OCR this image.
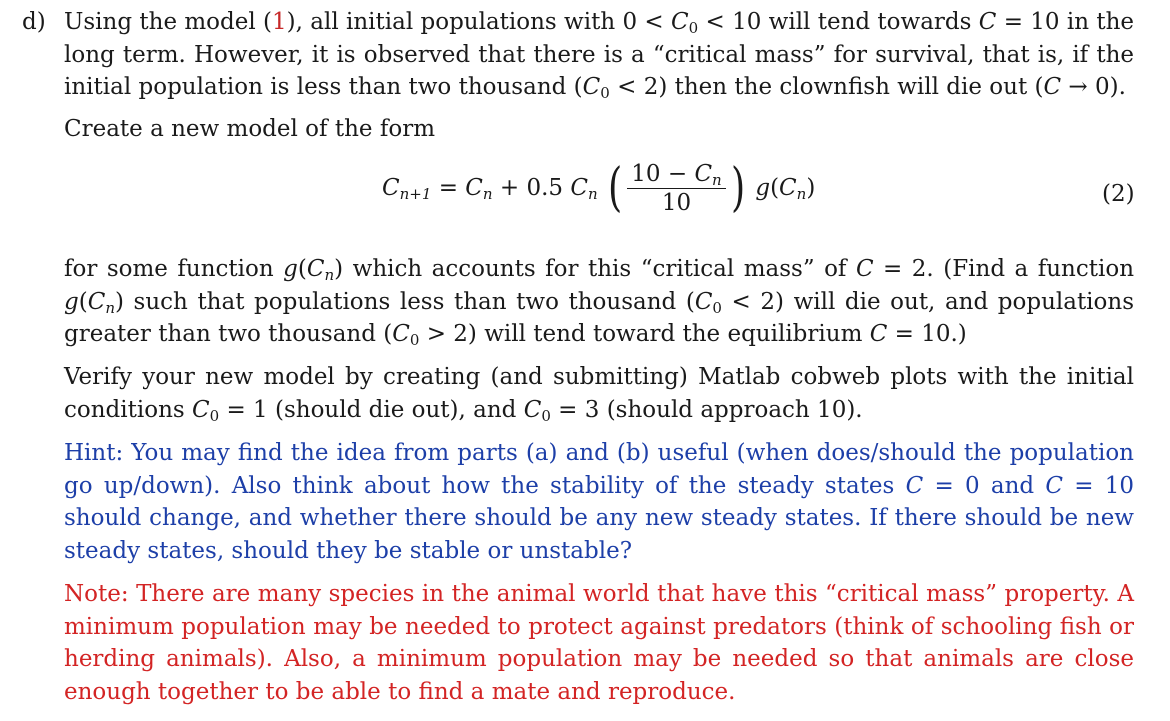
d) Using the model (1), all initial populations with $0 < C_0 < 10$ will tend towards C = 10 in the long term. However, it is observed that there is a “critical mass” for survival, that is, if the initial population is less than two thousand $(C_0 < 2)$ then the clownfish will die out (C → 0).

Create a new model of the form

$C_{n+1} = C_n + 0.5$ $C_n$ ( $\frac{10 - C_n}{10}$ ) $g(C_n)$	(2)

for some function $g(C_n)$ which accounts for this “critical mass” of C = 2. (Find a function $g(C_n)$ such that populations less than two thousand $(C_0 < 2)$ will die out, and populations greater than two thousand $(C_0 > 2)$ will tend toward the equilibrium C = 10.)

Verify your new model by creating (and submitting) Matlab cobweb plots with the initial conditions $C_0 = 1$ (should die out), and $C_0 = 3$ (should approach 10).

Hint: You may find the idea from parts (a) and (b) useful (when does/should the population go up/down). Also think about how the stability of the steady states C = 0 and C = 10 should change, and whether there should be any new steady states. If there should be new steady states, should they be stable or unstable?

Note: There are many species in the animal world that have this “critical mass” property. A minimum population may be needed to protect against predators (think of schooling fish or herding animals). Also, a minimum population may be needed so that animals are close enough together to be able to find a mate and reproduce.
